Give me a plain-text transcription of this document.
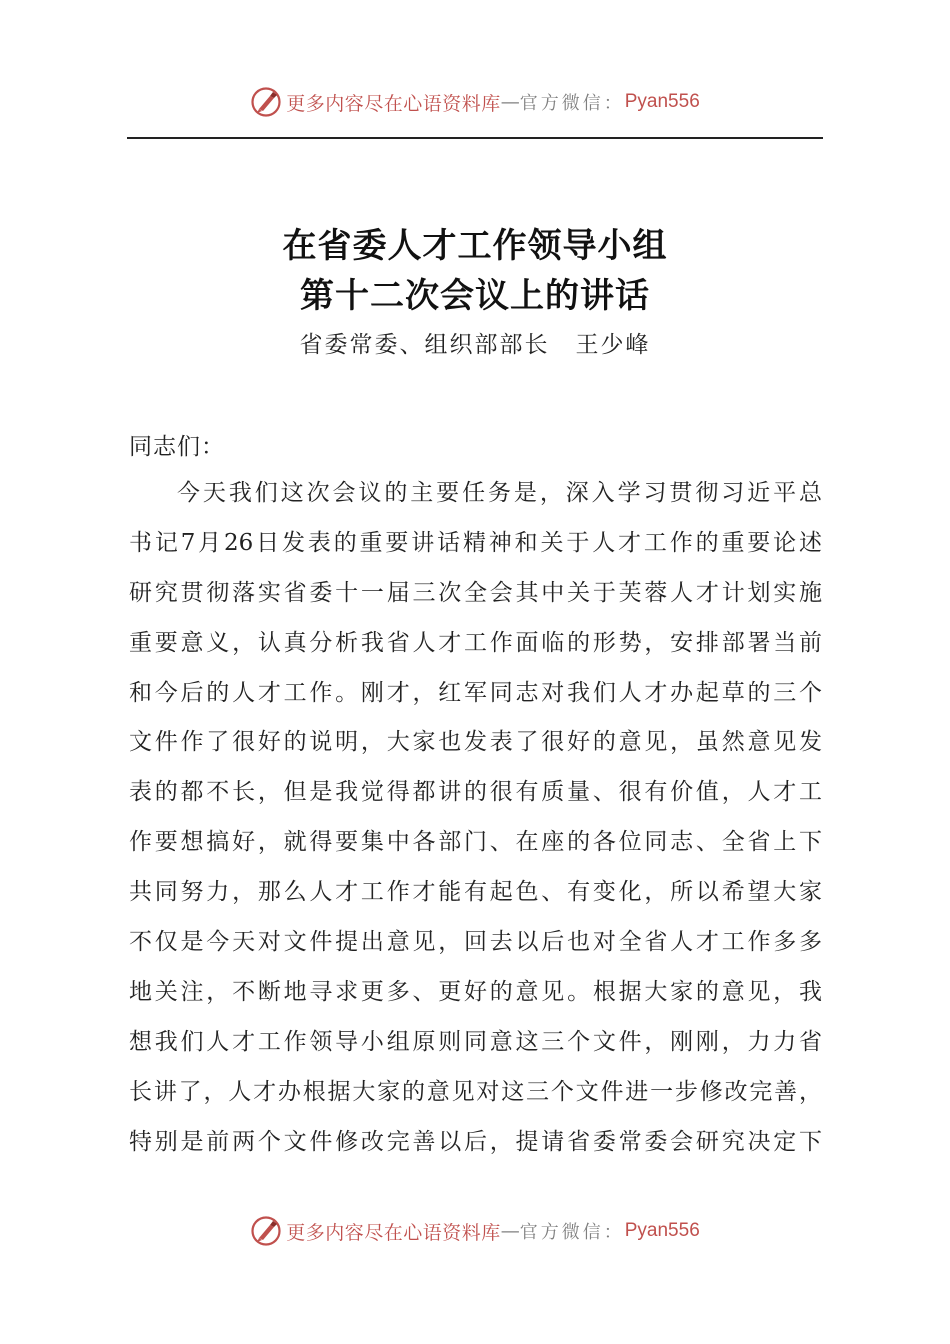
更多内容尽在心语资料库 — 官方微信： Pyan556
在省委人才工作领导小组
第十二次会议上的讲话
省委常委、组织部部长 王少峰
同志们：
今天我们这次会议的主要任务是，深入学习贯彻习近平总
书记7月26日发表的重要讲话精神和关于人才工作的重要论述
研究贯彻落实省委十一届三次全会其中关于芙蓉人才计划实施
重要意义，认真分析我省人才工作面临的形势，安排部署当前
和今后的人才工作。刚才，红军同志对我们人才办起草的三个
文件作了很好的说明，大家也发表了很好的意见，虽然意见发
表的都不长，但是我觉得都讲的很有质量、很有价值，人才工
作要想搞好，就得要集中各部门、在座的各位同志、全省上下
共同努力，那么人才工作才能有起色、有变化，所以希望大家
不仅是今天对文件提出意见，回去以后也对全省人才工作多多
地关注，不断地寻求更多、更好的意见。根据大家的意见，我
想我们人才工作领导小组原则同意这三个文件，刚刚，力力省
长讲了，人才办根据大家的意见对这三个文件进一步修改完善，
特别是前两个文件修改完善以后，提请省委常委会研究决定下
更多内容尽在心语资料库 — 官方微信： Pyan556
